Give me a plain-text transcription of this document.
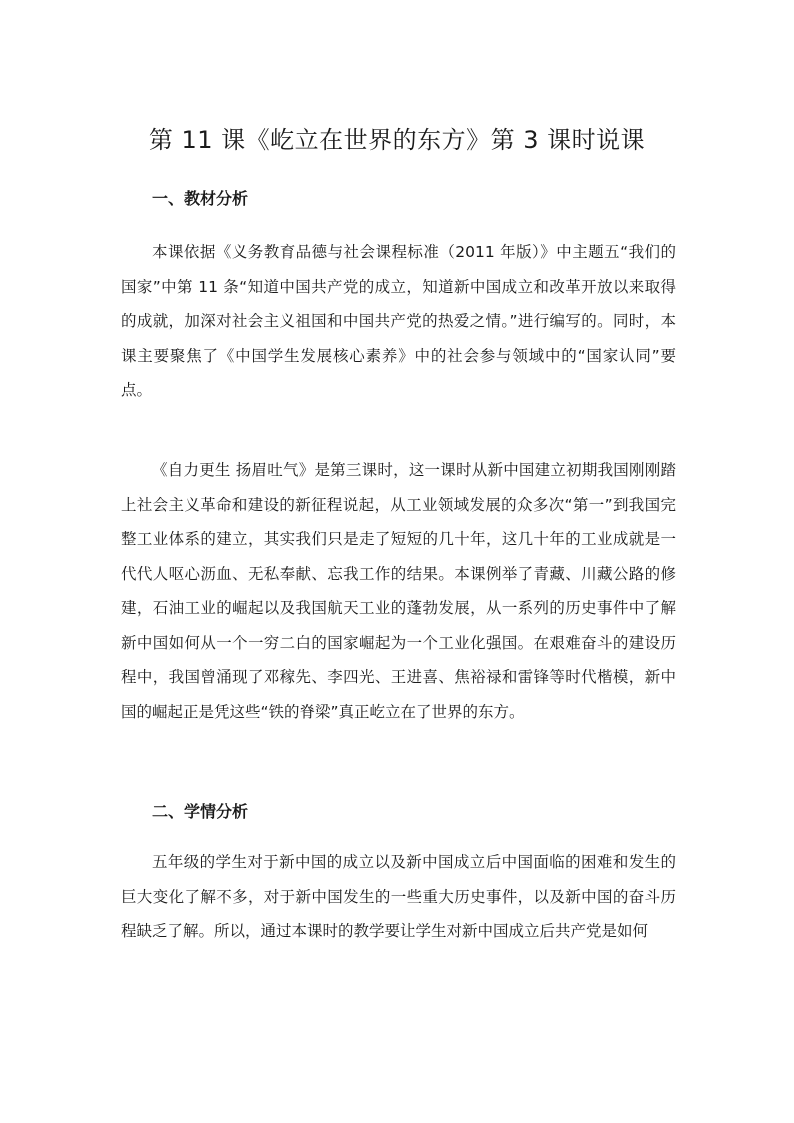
第 11 课《屹立在世界的东方》第 3 课时说课
一、教材分析

本课依据《义务教育品德与社会课程标准（2011 年版）》中主题五“我们的国家”中第 11 条“知道中国共产党的成立，知道新中国成立和改革开放以来取得的成就，加深对社会主义祖国和中国共产党的热爱之情。”进行编写的。同时，本课主要聚焦了《中国学生发展核心素养》中的社会参与领域中的“国家认同”要点。

《自力更生 扬眉吐气》是第三课时，这一课时从新中国建立初期我国刚刚踏上社会主义革命和建设的新征程说起，从工业领域发展的众多次“第一”到我国完整工业体系的建立，其实我们只是走了短短的几十年，这几十年的工业成就是一代代人呕心沥血、无私奉献、忘我工作的结果。本课例举了青藏、川藏公路的修建，石油工业的崛起以及我国航天工业的蓬勃发展，从一系列的历史事件中了解新中国如何从一个一穷二白的国家崛起为一个工业化强国。在艰难奋斗的建设历程中，我国曾涌现了邓稼先、李四光、王进喜、焦裕禄和雷锋等时代楷模，新中国的崛起正是凭这些“铁的脊梁”真正屹立在了世界的东方。

二、学情分析

五年级的学生对于新中国的成立以及新中国成立后中国面临的困难和发生的巨大变化了解不多，对于新中国发生的一些重大历史事件，以及新中国的奋斗历程缺乏了解。所以，通过本课时的教学要让学生对新中国成立后共产党是如何
